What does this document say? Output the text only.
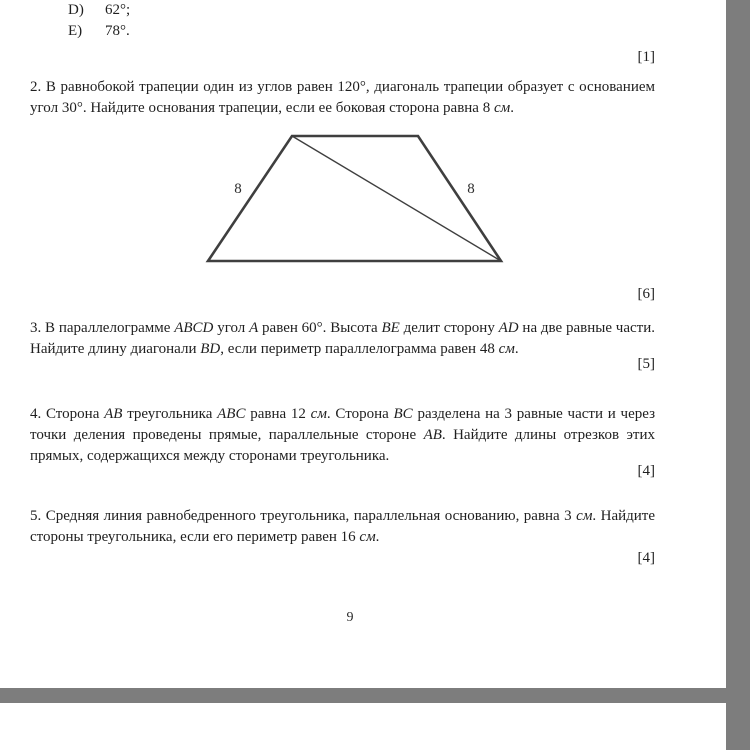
D) 62°;
E) 78°.
[1]
2. В равнобокой трапеции один из углов равен 120°, диагональ трапеции образует с основанием угол 30°. Найдите основания трапеции, если ее боковая сторона равна 8 см.
8	8
[6]
3. В параллелограмме ABCD угол A равен 60°. Высота BE делит сторону AD на две равные части. Найдите длину диагонали BD, если периметр параллелограмма равен 48 см.
[5]
4. Сторона AB треугольника ABC равна 12 см. Сторона BC разделена на 3 равные части и через точки деления проведены прямые, параллельные стороне AB. Найдите длины отрезков этих прямых, содержащихся между сторонами треугольника.
[4]
5. Средняя линия равнобедренного треугольника, параллельная основанию, равна 3 см. Найдите стороны треугольника, если его периметр равен 16 см.
[4]
9
